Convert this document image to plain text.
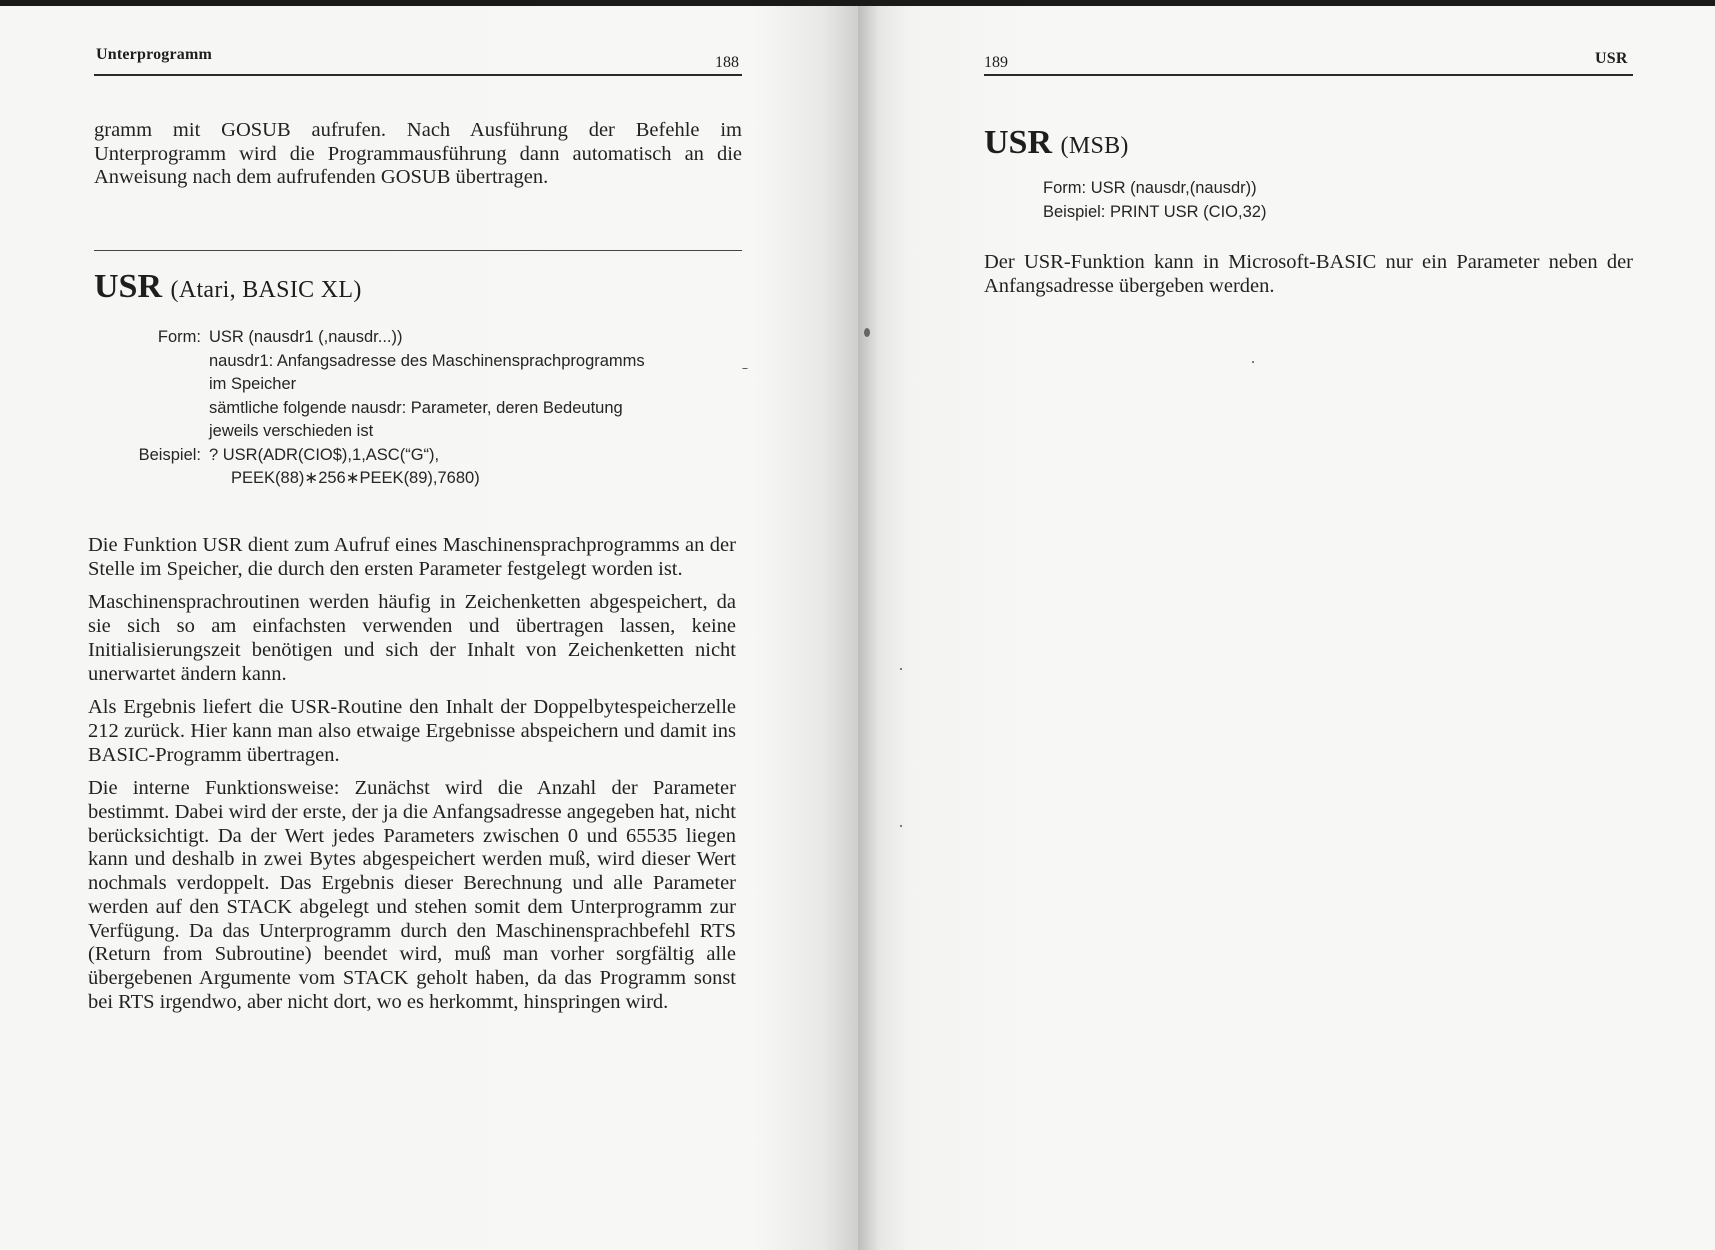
Unterprogramm	188

gramm mit GOSUB aufrufen. Nach Ausführung der Befehle im Unterprogramm wird die Programmausführung dann automatisch an die Anweisung nach dem aufrufenden GOSUB übertragen.

USR (Atari, BASIC XL)
Form: USR (nausdr1 (,nausdr...))
nausdr1: Anfangsadresse des Maschinensprachprogramms
im Speicher
sämtliche folgende nausdr: Parameter, deren Bedeutung
jeweils verschieden ist
Beispiel: ? USR(ADR(CIO$),1,ASC(“G“),
PEEK(88)∗256∗PEEK(89),7680)

Die Funktion USR dient zum Aufruf eines Maschinensprachprogramms an der Stelle im Speicher, die durch den ersten Parameter festgelegt worden ist.

Maschinensprachroutinen werden häufig in Zeichenketten abgespeichert, da sie sich so am einfachsten verwenden und übertragen lassen, keine Initialisierungszeit benötigen und sich der Inhalt von Zeichenketten nicht unerwartet ändern kann.

Als Ergebnis liefert die USR-Routine den Inhalt der Doppelbytespeicherzelle 212 zurück. Hier kann man also etwaige Ergebnisse abspeichern und damit ins BASIC-Programm übertragen.

Die interne Funktionsweise: Zunächst wird die Anzahl der Parameter bestimmt. Dabei wird der erste, der ja die Anfangsadresse angegeben hat, nicht berücksichtigt. Da der Wert jedes Parameters zwischen 0 und 65535 liegen kann und deshalb in zwei Bytes abgespeichert werden muß, wird dieser Wert nochmals verdoppelt. Das Ergebnis dieser Berechnung und alle Parameter werden auf den STACK abgelegt und stehen somit dem Unterprogramm zur Verfügung. Da das Unterprogramm durch den Maschinensprachbefehl RTS (Return from Subroutine) beendet wird, muß man vorher sorgfältig alle übergebenen Argumente vom STACK geholt haben, da das Programm sonst bei RTS irgendwo, aber nicht dort, wo es herkommt, hinspringen wird.

189	USR
USR (MSB)
Form: USR (nausdr,(nausdr))
Beispiel: PRINT USR (CIO,32)

Der USR-Funktion kann in Microsoft-BASIC nur ein Parameter neben der Anfangsadresse übergeben werden.
